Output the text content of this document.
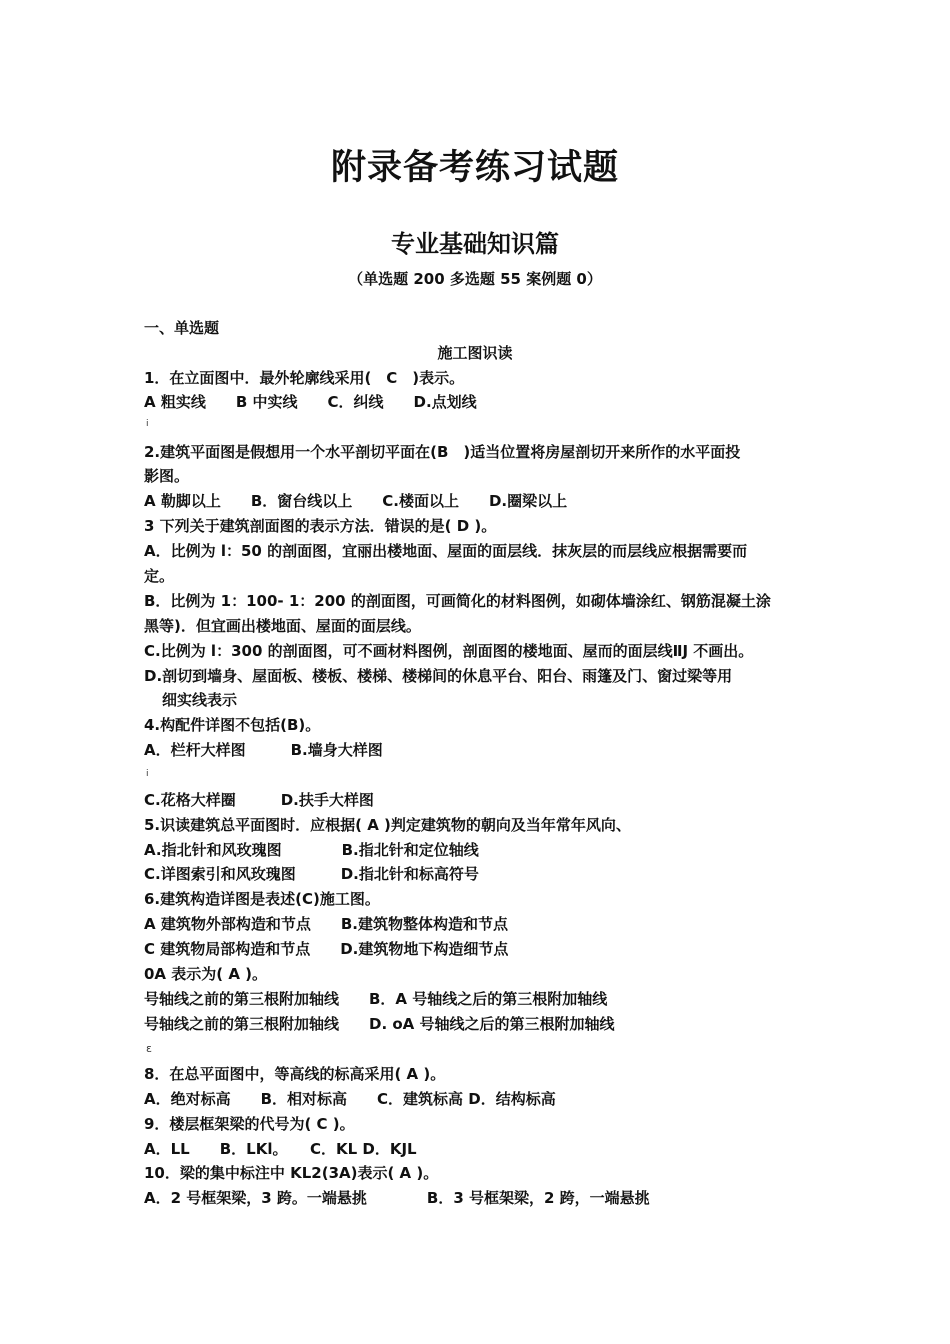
附录备考练习试题
专业基础知识篇
（单选题 200 多选题 55 案例题 0）
一、单选题
施工图识读
1．在立面图中．最外轮廓线采用(　C　)表示。
A 粗实线　　B 中实线　　C．纠线　　D.点划线
ⅰ
2.建筑平面图是假想用一个水平剖切平面在(B　)适当位置将房屋剖切开来所作的水平面投
影图。
A 勒脚以上　　B．窗台线以上　　C.楼面以上　　D.圈梁以上
3 下列关于建筑剖面图的表示方法．错误的是( D )。
A．比例为 l：50 的剖面图，宜丽出楼地面、屋面的面层线．抹灰层的而层线应根据需要而
定。
B．比例为 1：100- 1：200 的剖面图，可画简化的材料图例，如砌体墙涂红、钢筋混凝土涂
黑等)．但宜画出楼地面、屋面的面层线。
C.比例为 l：300 的剖面图，可不画材料图例，剖面图的楼地面、屋而的面层线ⅡJ 不画出。
D.剖切到墙身、屋面板、楼板、楼梯、楼梯间的休息平台、阳台、雨篷及门、窗过梁等用
细实线表示
4.构配件详图不包括(B)。
A．栏杆大样图　　　B.墙身大样图
ⅰ
C.花格大样圈　　　D.扶手大样图
5.识读建筑总平面图时．应根据( A )判定建筑物的朝向及当年常年风向、
A.指北针和风玫瑰图　　　　B.指北针和定位轴线
C.详图索引和风玫瑰图　　　D.指北针和标高符号
6.建筑构造详图是表述(C)施工图。
A 建筑物外部构造和节点　　B.建筑物整体构造和节点
C 建筑物局部构造和节点　　D.建筑物地下构造细节点
0A 表示为( A )。
号轴线之前的第三根附加轴线　　B．A 号轴线之后的第三根附加轴线
号轴线之前的第三根附加轴线　　D. oA 号轴线之后的第三根附加轴线
ɛ
8．在总平面图中，等高线的标高采用( A )。
A．绝对标高　　B．相对标高　　C．建筑标高 D．结构标高
9．楼层框架梁的代号为( C )。
A．LL　　B．LKl。　　C．KL D．KJL
10．梁的集中标注中 KL2(3A)表示( A )。
A．2 号框架梁，3 跨。一端悬挑　　　　B．3 号框架梁，2 跨，一端悬挑
